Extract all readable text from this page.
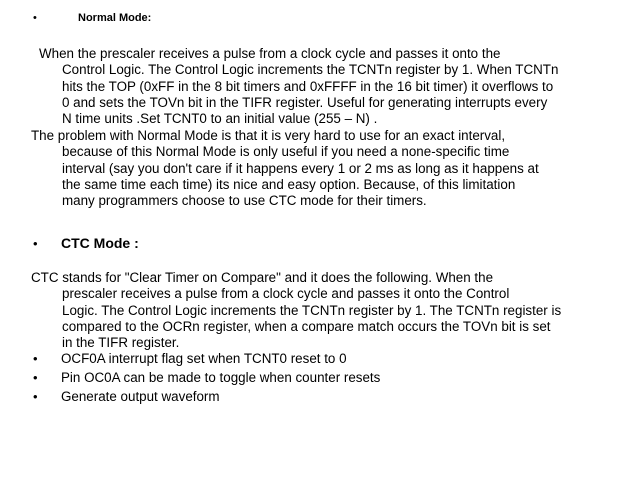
•	Normal Mode:
When the prescaler receives a pulse from a clock cycle and passes it onto the
Control Logic. The Control Logic increments the TCNTn register by 1. When TCNTn
hits the TOP (0xFF in the 8 bit timers and 0xFFFF in the 16 bit timer) it overflows to
0 and sets the TOVn bit in the TIFR register. Useful for generating interrupts every
N time units .Set TCNT0 to an initial value (255 – N) .
The problem with Normal Mode is that it is very hard to use for an exact interval,
because of this Normal Mode is only useful if you need a none-specific time
interval (say you don't care if it happens every 1 or 2 ms as long as it happens at
the same time each time) its nice and easy option. Because, of this limitation
many programmers choose to use CTC mode for their timers.
• CTC Mode :
CTC stands for "Clear Timer on Compare" and it does the following. When the
prescaler receives a pulse from a clock cycle and passes it onto the Control
Logic. The Control Logic increments the TCNTn register by 1. The TCNTn register is
compared to the OCRn register, when a compare match occurs the TOVn bit is set
in the TIFR register.
• OCF0A interrupt flag set when TCNT0 reset to 0
• Pin OC0A can be made to toggle when counter resets
• Generate output waveform
